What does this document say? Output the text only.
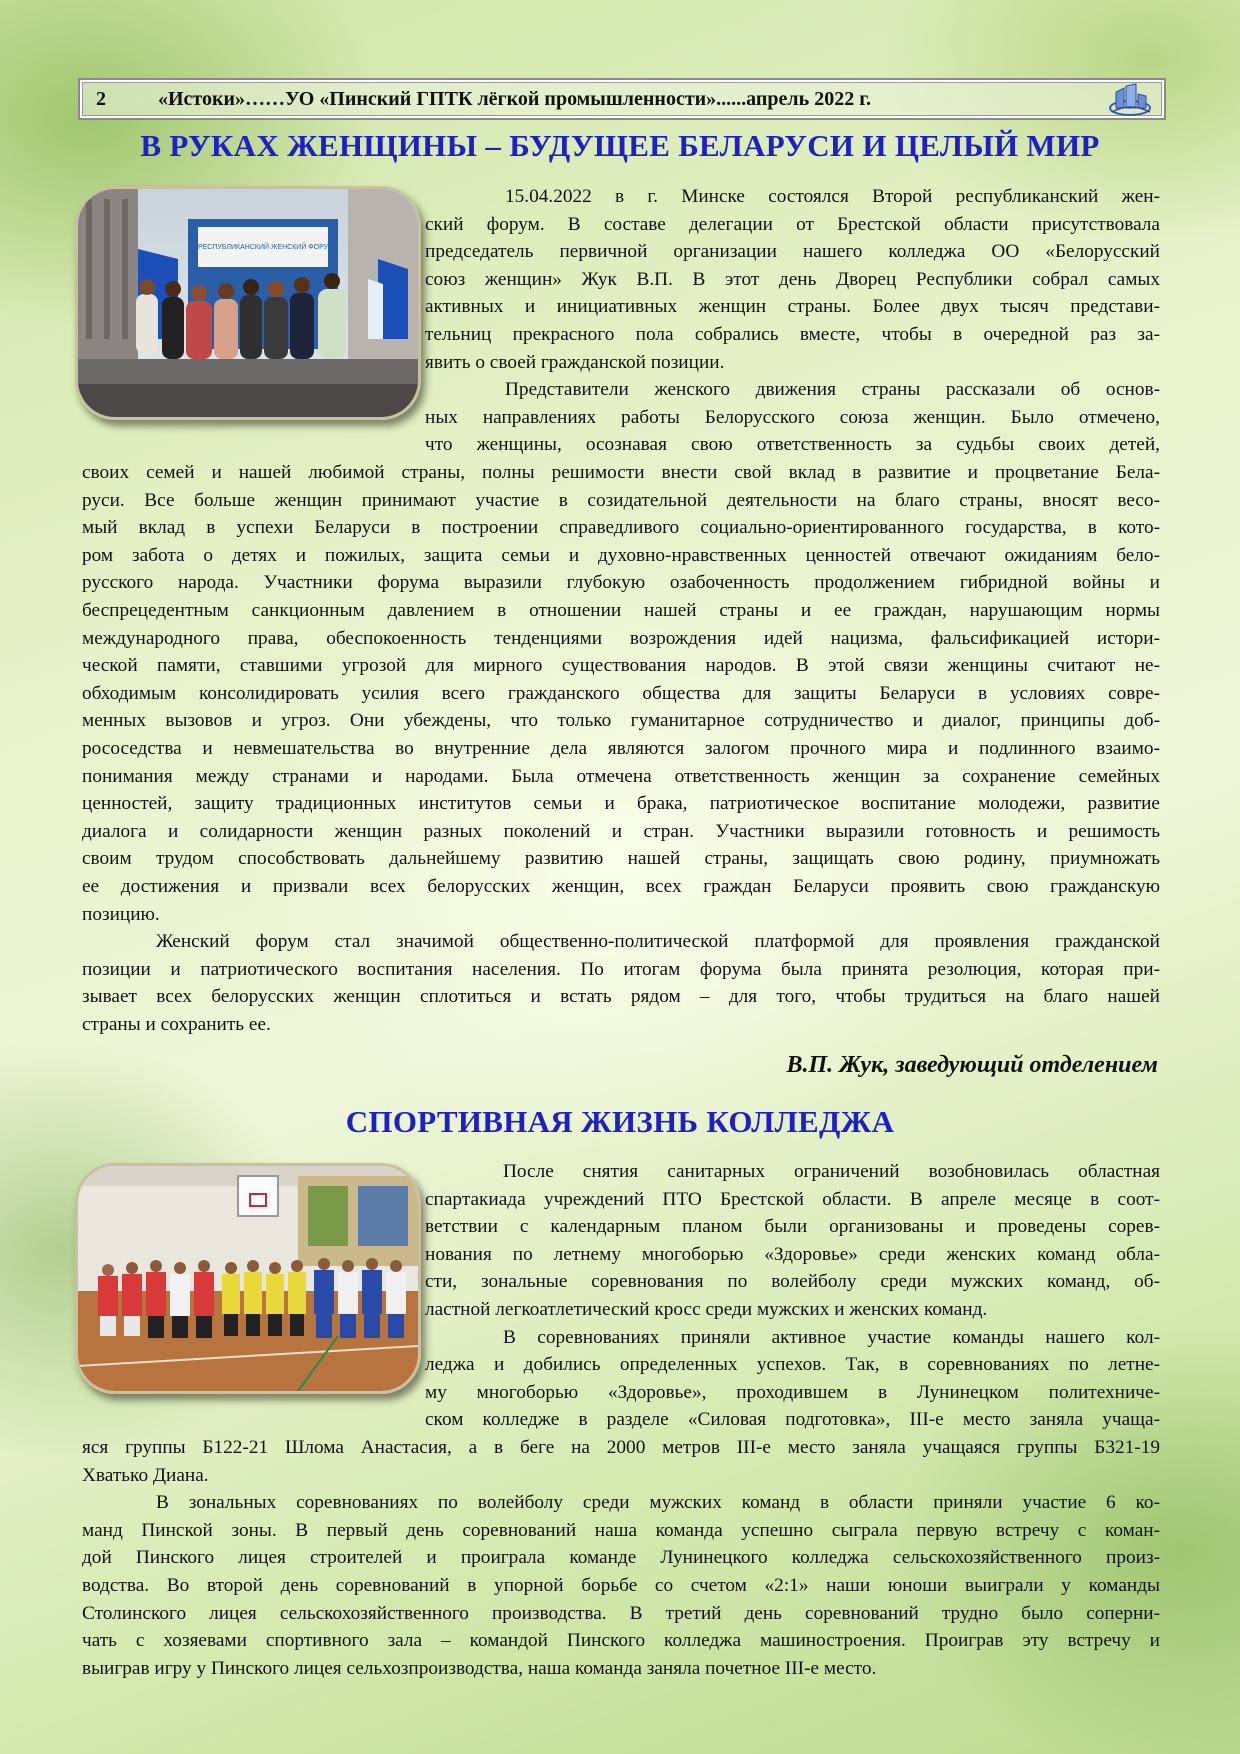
2	«Истоки»……УО «Пинский ГПТК лёгкой промышленности»......апрель 2022 г.
В РУКАХ ЖЕНЩИНЫ – БУДУЩЕЕ БЕЛАРУСИ И ЦЕЛЫЙ МИР
II РЕСПУБЛИКАНСКИЙ ЖЕНСКИЙ ФОРУМ

15.04.2022 в г. Минске состоялся Второй республиканский жен-

ский форум. В составе делегации от Брестской области присутствовала

председатель первичной организации нашего колледжа ОО «Белорусский

союз женщин» Жук В.П. В этот день Дворец Республики собрал самых

активных и инициативных женщин страны. Более двух тысяч представи-

тельниц прекрасного пола собрались вместе, чтобы в очередной раз за-

явить о своей гражданской позиции.

Представители женского движения страны рассказали об основ-

ных направлениях работы Белорусского союза женщин. Было отмечено,

что женщины, осознавая свою ответственность за судьбы своих детей,

своих семей и нашей любимой страны, полны решимости внести свой вклад в развитие и процветание Бела-

руси. Все больше женщин принимают участие в созидательной деятельности на благо страны, вносят весо-

мый вклад в успехи Беларуси в построении справедливого социально-ориентированного государства, в кото-

ром забота о детях и пожилых, защита семьи и духовно-нравственных ценностей отвечают ожиданиям бело-

русского народа. Участники форума выразили глубокую озабоченность продолжением гибридной войны и

беспрецедентным санкционным давлением в отношении нашей страны и ее граждан, нарушающим нормы

международного права, обеспокоенность тенденциями возрождения идей нацизма, фальсификацией истори-

ческой памяти, ставшими угрозой для мирного существования народов. В этой связи женщины считают не-

обходимым консолидировать усилия всего гражданского общества для защиты Беларуси в условиях совре-

менных вызовов и угроз. Они убеждены, что только гуманитарное сотрудничество и диалог, принципы доб-

рососедства и невмешательства во внутренние дела являются залогом прочного мира и подлинного взаимо-

понимания между странами и народами. Была отмечена ответственность женщин за сохранение семейных

ценностей, защиту традиционных институтов семьи и брака, патриотическое воспитание молодежи, развитие

диалога и солидарности женщин разных поколений и стран. Участники выразили готовность и решимость

своим трудом способствовать дальнейшему развитию нашей страны, защищать свою родину, приумножать

ее достижения и призвали всех белорусских женщин, всех граждан Беларуси проявить свою гражданскую

позицию.

Женский форум стал значимой общественно-политической платформой для проявления гражданской

позиции и патриотического воспитания населения. По итогам форума была принята резолюция, которая при-

зывает всех белорусских женщин сплотиться и встать рядом – для того, чтобы трудиться на благо нашей

страны и сохранить ее.

В.П. Жук, заведующий отделением
СПОРТИВНАЯ ЖИЗНЬ КОЛЛЕДЖА

После снятия санитарных ограничений возобновилась областная

спартакиада учреждений ПТО Брестской области. В апреле месяце в соот-

ветствии с календарным планом были организованы и проведены сорев-

нования по летнему многоборью «Здоровье» среди женских команд обла-

сти, зональные соревнования по волейболу среди мужских команд, об-

ластной легкоатлетический кросс среди мужских и женских команд.

В соревнованиях приняли активное участие команды нашего кол-

леджа и добились определенных успехов. Так, в соревнованиях по летне-

му многоборью «Здоровье», проходившем в Лунинецком политехниче-

ском колледже в разделе «Силовая подготовка», III-е место заняла учаща-

яся группы Б122-21 Шлома Анастасия, а в беге на 2000 метров III-е место заняла учащаяся группы Б321-19

Хватько Диана.

В зональных соревнованиях по волейболу среди мужских команд в области приняли участие 6 ко-

манд Пинской зоны. В первый день соревнований наша команда успешно сыграла первую встречу с коман-

дой Пинского лицея строителей и проиграла команде Лунинецкого колледжа сельскохозяйственного произ-

водства. Во второй день соревнований в упорной борьбе со счетом «2:1» наши юноши выиграли у команды

Столинского лицея сельскохозяйственного производства. В третий день соревнований трудно было соперни-

чать с хозяевами спортивного зала – командой Пинского колледжа машиностроения. Проиграв эту встречу и

выиграв игру у Пинского лицея сельхозпроизводства, наша команда заняла почетное III-е место.
